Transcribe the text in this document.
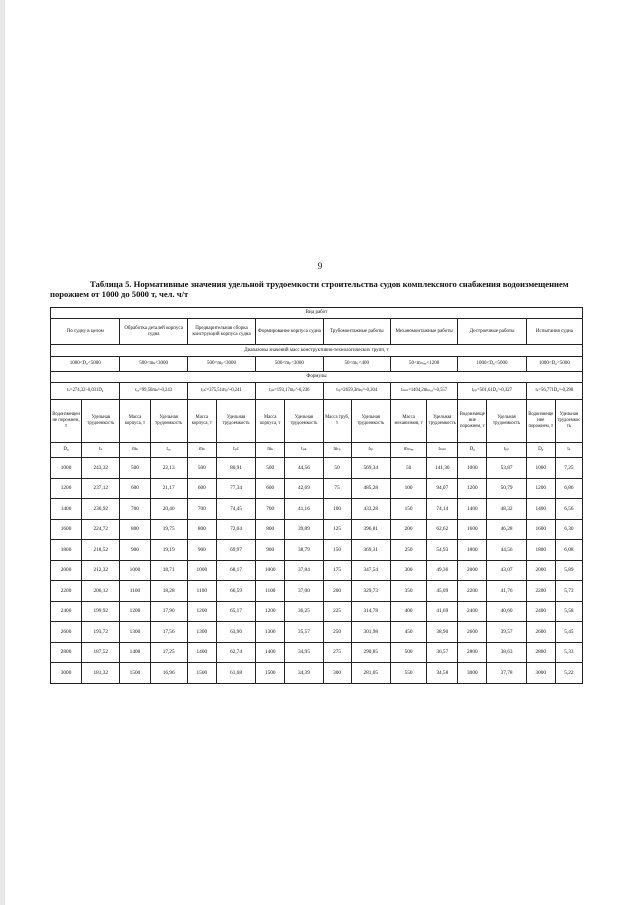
9
Таблица 5. Нормативные значения удельной трудоемкости строительства судов комплексного снабжения водоизмещением порожнем от 1000 до 5000 т, чел. ч/т
Вид работ															
По судну в целом		Обработка деталей корпуса судна		Предварительная сборка конструкций корпуса судна		Формирование корпуса судна		Трубомонтажные работы		Механомонтажные работы		Достроечные работы		Испытания судна	
Диапазоны значений масс конструктивно-технологических групп, т															
1000<D₀<5000		500<mₖ<3000		500<mₚ<3000		500<mₚ<3000		50<mₜᵣ<400		50<mₘₑₓ<1200		1000<D₀<5000		1000<D₀<5000	
Формулы															
tₛ=274,32–0,031D₀		tₒₒ=99,56mₖ^-0,243		tₚc=375,51mₚ^-0,241		tₚₖ=193,17mₚ^-0,236		tₜₚ=2659,3mₜₚ^-0,304		tₘₘ=1404,2mₘₑₓ^-0,557		tₚₚ=501,61D₀^-0,327		tₛ=56,771D₀^-0,298	
Водоизмещение порожнем, т	Удельная трудоемкость	Масса корпуса, т	Удельная трудоемкость	Масса корпуса, т	Удельная трудоемкость	Масса корпуса, т	Удельная трудоемкость	Масса труб, т	Удельная трудоемкость	Масса механизмов, т	Удельная трудоемкость	Водоизмещение порожнем, т	Удельная трудоемкость	Водоизмещение порожнем, т	Удельная трудоемкость
D₀	tₛ	mₖ	tₒₒ	mₖ	tₚc	mₖ	tₚₖ	mₜₚ	tₜₚ	mₘₑₓ	tₘₘ	D₀	tₚₚ	D₀	tₛ
1000	243,32	500	22,13	500	80,91	500	44,56	50	569,34	50	141,30	1000	53,87	1000	7,25
1200	237,12	600	21,17	600	77,34	600	42,69	75	485,28	100	94,07	1200	50,79	1200	6,86
1400	230,92	700	20,40	700	74,45	700	41,16	100	433,28	150	74,14	1400	48,32	1400	6,56
1600	224,72	800	19,75	800	72,04	800	39,89	125	396,81	200	62,62	1600	46,28	1600	6,30
1800	218,52	900	19,19	900	69,97	900	38,79	150	369,31	250	54,93	1800	44,56	1800	6,08
2000	212,32	1000	18,71	1000	68,17	1000	37,84	175	347,54	300	49,36	2000	43,07	2000	5,89
2200	206,12	1100	18,28	1100	66,59	1100	37,00	200	329,73	350	45,09	2200	41,76	2200	5,73
2400	199,92	1200	17,90	1200	65,17	1200	36,25	225	314,78	400	41,69	2400	40,60	2400	5,58
2600	193,72	1300	17,56	1300	63,90	1300	35,57	250	301,98	450	38,90	2600	39,57	2600	5,45
2800	187,52	1400	17,25	1400	62,74	1400	34,95	275	290,85	500	36,57	2800	38,63	2800	5,33
3000	181,32	1500	16,96	1500	61,68	1500	34,39	300	281,05	550	34,58	3000	37,78	3000	5,22
